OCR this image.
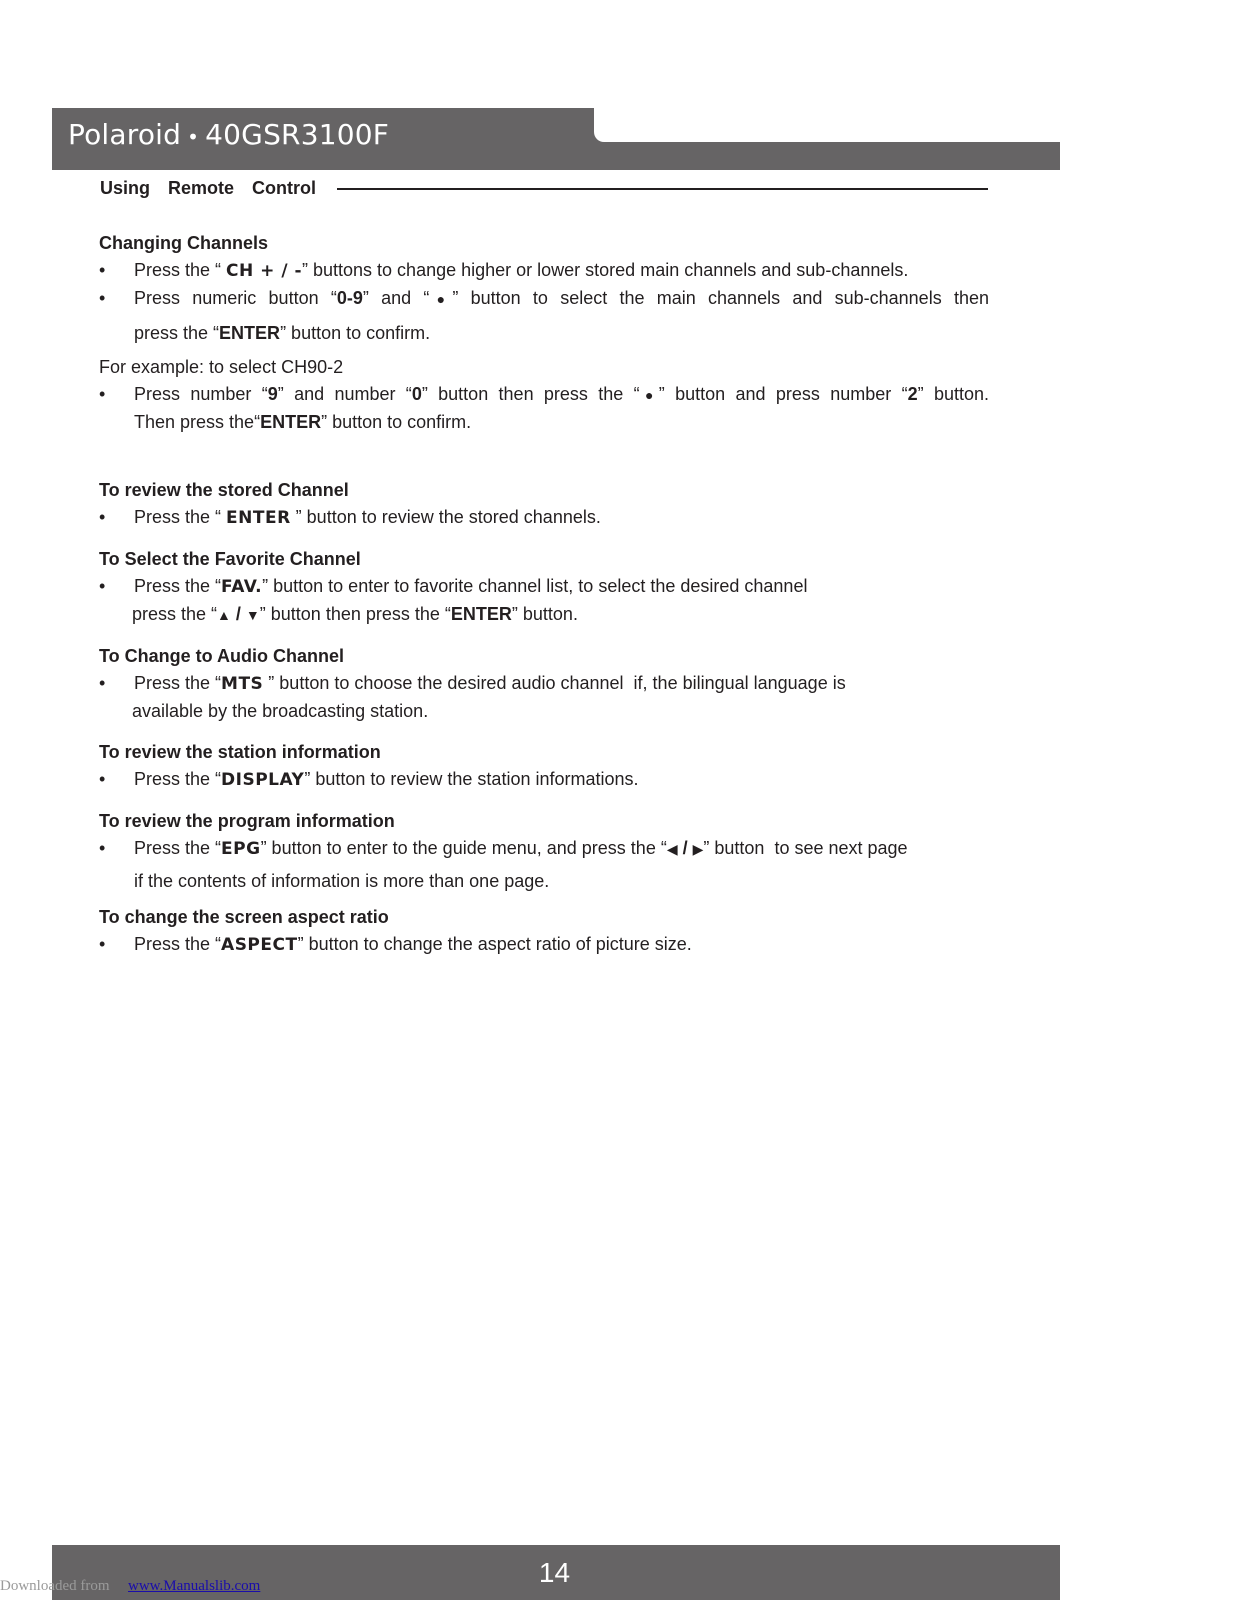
Polaroid • 40GSR3100F
Using  Remote  Control

Changing Channels

• Press the “ CH + / -” buttons to change higher or lower stored main channels and sub-channels.

• Press numeric button “0-9” and “●” button to select the main channels and sub-channels then

press the “ENTER” button to confirm.

For example: to select CH90-2

• Press number “9” and number “0” button then press the “●” button and press number “2” button.

Then press the“ENTER” button to confirm.

To review the stored Channel

• Press the “ ENTER ” button to review the stored channels.

To Select the Favorite Channel

• Press the “FAV.” button to enter to favorite channel list, to select the desired channel

press the “▲ / ▼” button then press the “ENTER” button.

To Change to Audio Channel

• Press the “MTS ” button to choose the desired audio channel  if, the bilingual language is

available by the broadcasting station.

To review the station information

• Press the “DISPLAY” button to review the station informations.

To review the program information

• Press the “EPG” button to enter to the guide menu, and press the “◀ / ▶” button  to see next page

if the contents of information is more than one page.

To change the screen aspect ratio

• Press the “ASPECT” button to change the aspect ratio of picture size.

14
Downloaded from www.Manualslib.com
